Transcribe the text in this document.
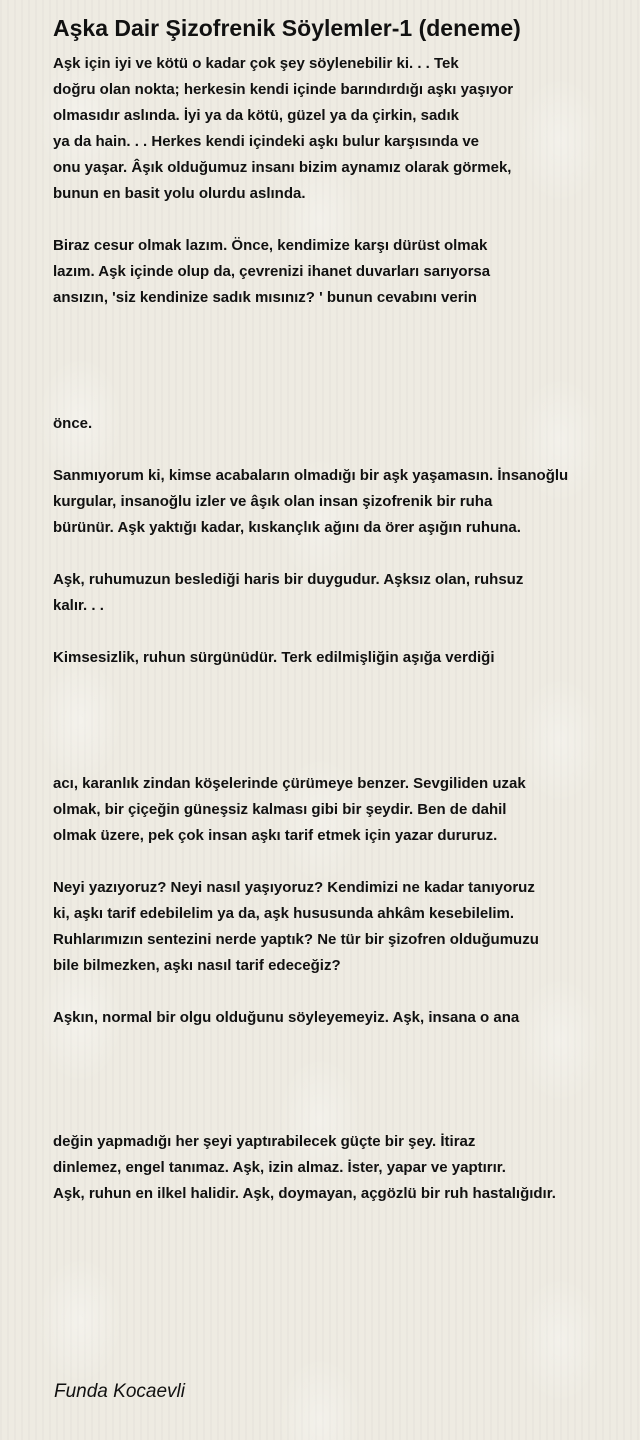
Aşka Dair Şizofrenik Söylemler-1 (deneme)

Aşk için iyi ve kötü o kadar çok şey söylenebilir ki. . . Tek
doğru olan nokta; herkesin kendi içinde barındırdığı aşkı yaşıyor
olmasıdır aslında. İyi ya da kötü, güzel ya da çirkin, sadık
ya da hain. . . Herkes kendi içindeki aşkı bulur karşısında ve
onu yaşar. Âşık olduğumuz insanı bizim aynamız olarak görmek,
bunun en basit yolu olurdu aslında.

Biraz cesur olmak lazım. Önce, kendimize karşı dürüst olmak
lazım. Aşk içinde olup da, çevrenizi ihanet duvarları sarıyorsa
ansızın, 'siz kendinize sadık mısınız? ' bunun cevabını verin

önce.

Sanmıyorum ki, kimse acabaların olmadığı bir aşk yaşamasın. İnsanoğlu
kurgular, insanoğlu izler ve âşık olan insan şizofrenik bir ruha
bürünür. Aşk yaktığı kadar, kıskançlık ağını da örer aşığın ruhuna.

Aşk, ruhumuzun beslediği haris bir duygudur. Aşksız olan, ruhsuz
kalır. . .

Kimsesizlik, ruhun sürgünüdür. Terk edilmişliğin aşığa verdiği

acı, karanlık zindan köşelerinde çürümeye benzer. Sevgiliden uzak
olmak, bir çiçeğin güneşsiz kalması gibi bir şeydir. Ben de dahil
olmak üzere, pek çok insan aşkı tarif etmek için yazar dururuz.

Neyi yazıyoruz? Neyi nasıl yaşıyoruz? Kendimizi ne kadar tanıyoruz
ki, aşkı tarif edebilelim ya da, aşk hususunda ahkâm kesebilelim.
Ruhlarımızın sentezini nerde yaptık? Ne tür bir şizofren olduğumuzu
bile bilmezken, aşkı nasıl tarif edeceğiz?

Aşkın, normal bir olgu olduğunu söyleyemeyiz. Aşk, insana o ana

değin yapmadığı her şeyi yaptırabilecek güçte bir şey. İtiraz
dinlemez, engel tanımaz. Aşk, izin almaz. İster, yapar ve yaptırır.
Aşk, ruhun en ilkel halidir. Aşk, doymayan, açgözlü bir ruh hastalığıdır.

Funda Kocaevli
